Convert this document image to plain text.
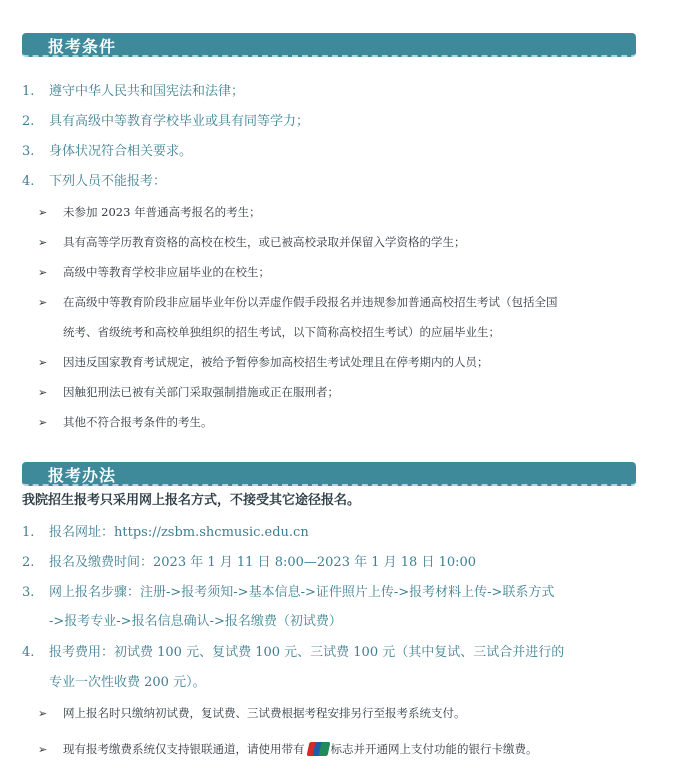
报考条件
1. 遵守中华人民共和国宪法和法律；
2. 具有高级中等教育学校毕业或具有同等学力；
3. 身体状况符合相关要求。
4. 下列人员不能报考：
➢ 未参加 2023 年普通高考报名的考生；
➢ 具有高等学历教育资格的高校在校生，或已被高校录取并保留入学资格的学生；
➢ 高级中等教育学校非应届毕业的在校生；
➢ 在高级中等教育阶段非应届毕业年份以弄虚作假手段报名并违规参加普通高校招生考试（包括全国
统考、省级统考和高校单独组织的招生考试，以下简称高校招生考试）的应届毕业生；
➢ 因违反国家教育考试规定，被给予暂停参加高校招生考试处理且在停考期内的人员；
➢ 因触犯刑法已被有关部门采取强制措施或正在服刑者；
➢ 其他不符合报考条件的考生。
报考办法
我院招生报考只采用网上报名方式，不接受其它途径报名。
1. 报名网址：https://zsbm.shcmusic.edu.cn
2. 报名及缴费时间：2023 年 1 月 11 日 8:00—2023 年 1 月 18 日 10:00
3. 网上报名步骤：注册->报考须知->基本信息->证件照片上传->报考材料上传->联系方式
->报考专业->报名信息确认->报名缴费（初试费）
4. 报考费用：初试费 100 元、复试费 100 元、三试费 100 元（其中复试、三试合并进行的
专业一次性收费 200 元）。
➢ 网上报名时只缴纳初试费，复试费、三试费根据考程安排另行至报考系统支付。
➢ 现有报考缴费系统仅支持银联通道，请使用带有 标志并开通网上支付功能的银行卡缴费。
